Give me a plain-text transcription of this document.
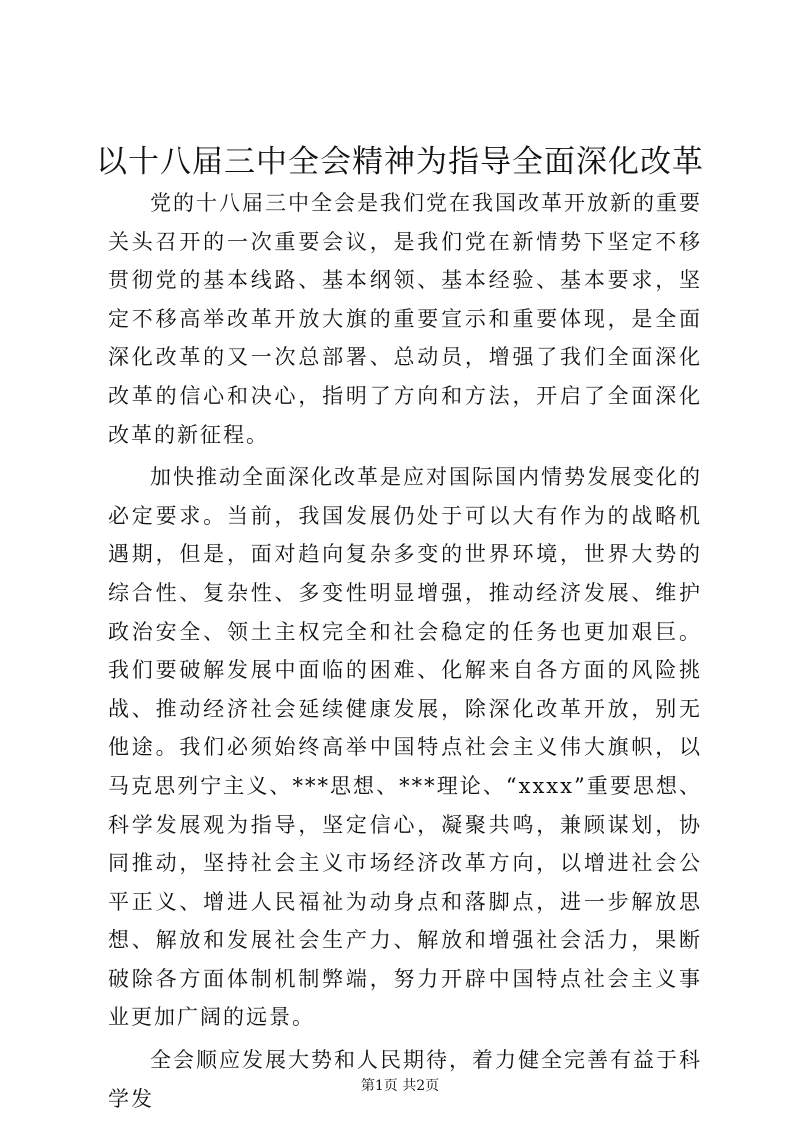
以十八届三中全会精神为指导全面深化改革

党的十八届三中全会是我们党在我国改革开放新的重要关头召开的一次重要会议，是我们党在新情势下坚定不移贯彻党的基本线路、基本纲领、基本经验、基本要求，坚定不移高举改革开放大旗的重要宣示和重要体现，是全面深化改革的又一次总部署、总动员，增强了我们全面深化改革的信心和决心，指明了方向和方法，开启了全面深化改革的新征程。

加快推动全面深化改革是应对国际国内情势发展变化的必定要求。当前，我国发展仍处于可以大有作为的战略机遇期，但是，面对趋向复杂多变的世界环境，世界大势的综合性、复杂性、多变性明显增强，推动经济发展、维护政治安全、领土主权完全和社会稳定的任务也更加艰巨。我们要破解发展中面临的困难、化解来自各方面的风险挑战、推动经济社会延续健康发展，除深化改革开放，别无他途。我们必须始终高举中国特点社会主义伟大旗帜，以马克思列宁主义、***思想、***理论、“xxxx”重要思想、科学发展观为指导，坚定信心，凝聚共鸣，兼顾谋划，协同推动，坚持社会主义市场经济改革方向，以增进社会公平正义、增进人民福祉为动身点和落脚点，进一步解放思想、解放和发展社会生产力、解放和增强社会活力，果断破除各方面体制机制弊端，努力开辟中国特点社会主义事业更加广阔的远景。

全会顺应发展大势和人民期待，着力健全完善有益于科学发

第1页 共2页
